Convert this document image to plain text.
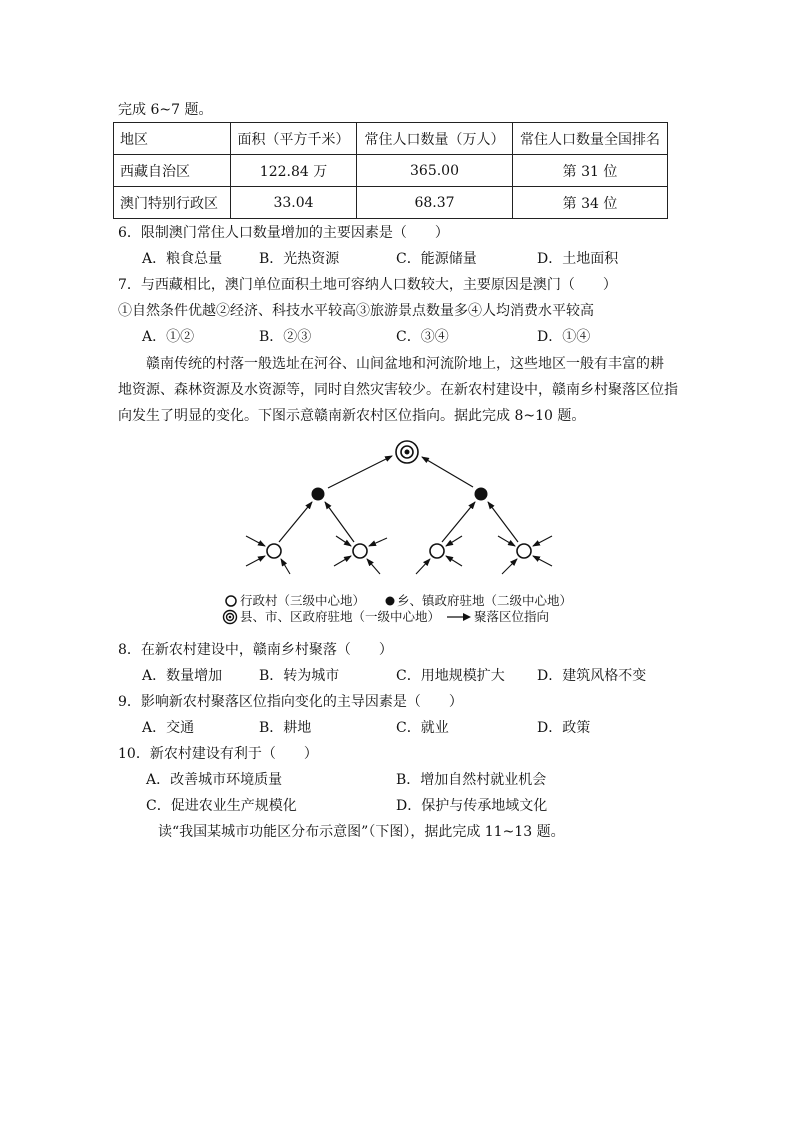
完成 6~7 题。
地区	面积（平方千米）	常住人口数量（万人）	常住人口数量全国排名
西藏自治区	122.84 万	365.00	第 31 位
澳门特别行政区	33.04	68.37	第 34 位
6．限制澳门常住人口数量增加的主要因素是（　　）
A．粮食总量	B．光热资源	C．能源储量	D．土地面积
7．与西藏相比，澳门单位面积土地可容纳人口数较大，主要原因是澳门（　　）
①自然条件优越②经济、科技水平较高③旅游景点数量多④人均消费水平较高
A．①②	B．②③	C．③④	D．①④
赣南传统的村落一般选址在河谷、山间盆地和河流阶地上，这些地区一般有丰富的耕
地资源、森林资源及水资源等，同时自然灾害较少。在新农村建设中，赣南乡村聚落区位指
向发生了明显的变化。下图示意赣南新农村区位指向。据此完成 8~10 题。
行政村（三级中心地）	乡、镇政府驻地（二级中心地）
县、市、区政府驻地（一级中心地）	聚落区位指向
8．在新农村建设中，赣南乡村聚落（　　）
A．数量增加	B．转为城市	C．用地规模扩大 D．建筑风格不变
9．影响新农村聚落区位指向变化的主导因素是（　　）
A．交通	B．耕地	C．就业	D．政策
10．新农村建设有利于（　　）
A．改善城市环境质量	B．增加自然村就业机会
C．促进农业生产规模化	D．保护与传承地域文化
读“我国某城市功能区分布示意图”（下图），据此完成 11~13 题。
